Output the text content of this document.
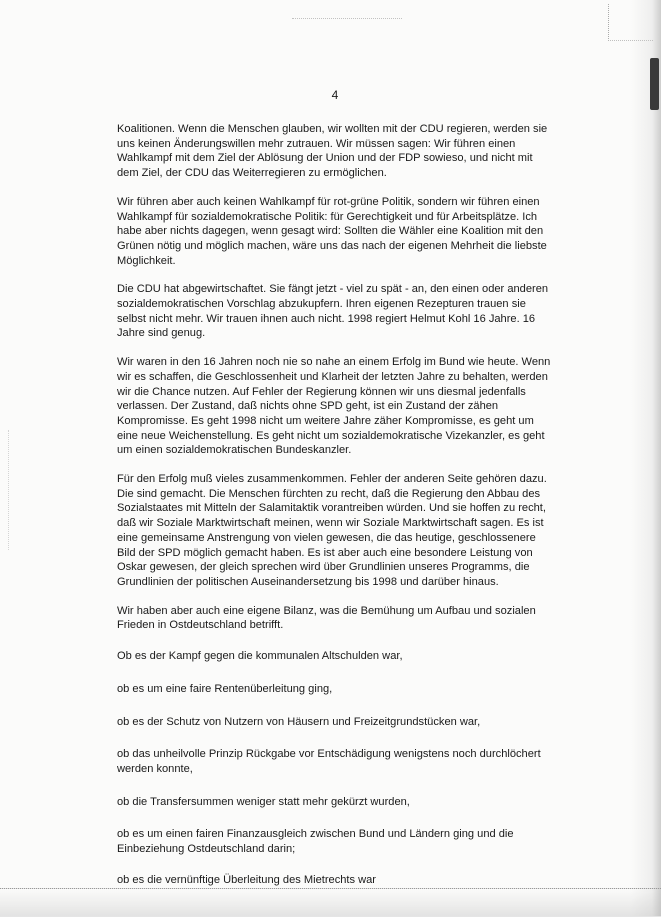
4

Koalitionen. Wenn die Menschen glauben, wir wollten mit der CDU regieren, werden sie uns keinen Änderungswillen mehr zutrauen. Wir müssen sagen: Wir führen einen Wahlkampf mit dem Ziel der Ablösung der Union und der FDP sowieso, und nicht mit dem Ziel, der CDU das Weiterregieren zu ermöglichen.

Wir führen aber auch keinen Wahlkampf für rot-grüne Politik, sondern wir führen einen Wahlkampf für sozialdemokratische Politik: für Gerechtigkeit und für Arbeitsplätze. Ich habe aber nichts dagegen, wenn gesagt wird: Sollten die Wähler eine Koalition mit den Grünen nötig und möglich machen, wäre uns das nach der eigenen Mehrheit die liebste Möglichkeit.

Die CDU hat abgewirtschaftet. Sie fängt jetzt - viel zu spät - an, den einen oder anderen sozialdemokratischen Vorschlag abzukupfern. Ihren eigenen Rezepturen trauen sie selbst nicht mehr. Wir trauen ihnen auch nicht. 1998 regiert Helmut Kohl 16 Jahre. 16 Jahre sind genug.

Wir waren in den 16 Jahren noch nie so nahe an einem Erfolg im Bund wie heute. Wenn wir es schaffen, die Geschlossenheit und Klarheit der letzten Jahre zu behalten, werden wir die Chance nutzen. Auf Fehler der Regierung können wir uns diesmal jedenfalls verlassen. Der Zustand, daß nichts ohne SPD geht, ist ein Zustand der zähen Kompromisse. Es geht 1998 nicht um weitere Jahre zäher Kompromisse, es geht um eine neue Weichenstellung. Es geht nicht um sozialdemokratische Vizekanzler, es geht um einen sozialdemokratischen Bundeskanzler.

Für den Erfolg muß vieles zusammenkommen. Fehler der anderen Seite gehören dazu. Die sind gemacht. Die Menschen fürchten zu recht, daß die Regierung den Abbau des Sozialstaates mit Mitteln der Salamitaktik vorantreiben würden. Und sie hoffen zu recht, daß wir Soziale Marktwirtschaft meinen, wenn wir Soziale Marktwirtschaft sagen. Es ist eine gemeinsame Anstrengung von vielen gewesen, die das heutige, geschlossenere Bild der SPD möglich gemacht haben. Es ist aber auch eine besondere Leistung von Oskar gewesen, der gleich sprechen wird über Grundlinien unseres Programms, die Grundlinien der politischen Auseinandersetzung bis 1998 und darüber hinaus.

Wir haben aber auch eine eigene Bilanz, was die Bemühung um Aufbau und sozialen Frieden in Ostdeutschland betrifft.

Ob es der Kampf gegen die kommunalen Altschulden war,

ob es um eine faire Rentenüberleitung ging,

ob es der Schutz von Nutzern von Häusern und Freizeitgrundstücken war,

ob das unheilvolle Prinzip Rückgabe vor Entschädigung wenigstens noch durchlöchert werden konnte,

ob die Transfersummen weniger statt mehr gekürzt wurden,

ob es um einen fairen Finanzausgleich zwischen Bund und Ländern ging und die Einbeziehung Ostdeutschland darin;

ob es die vernünftige Überleitung des Mietrechts war
